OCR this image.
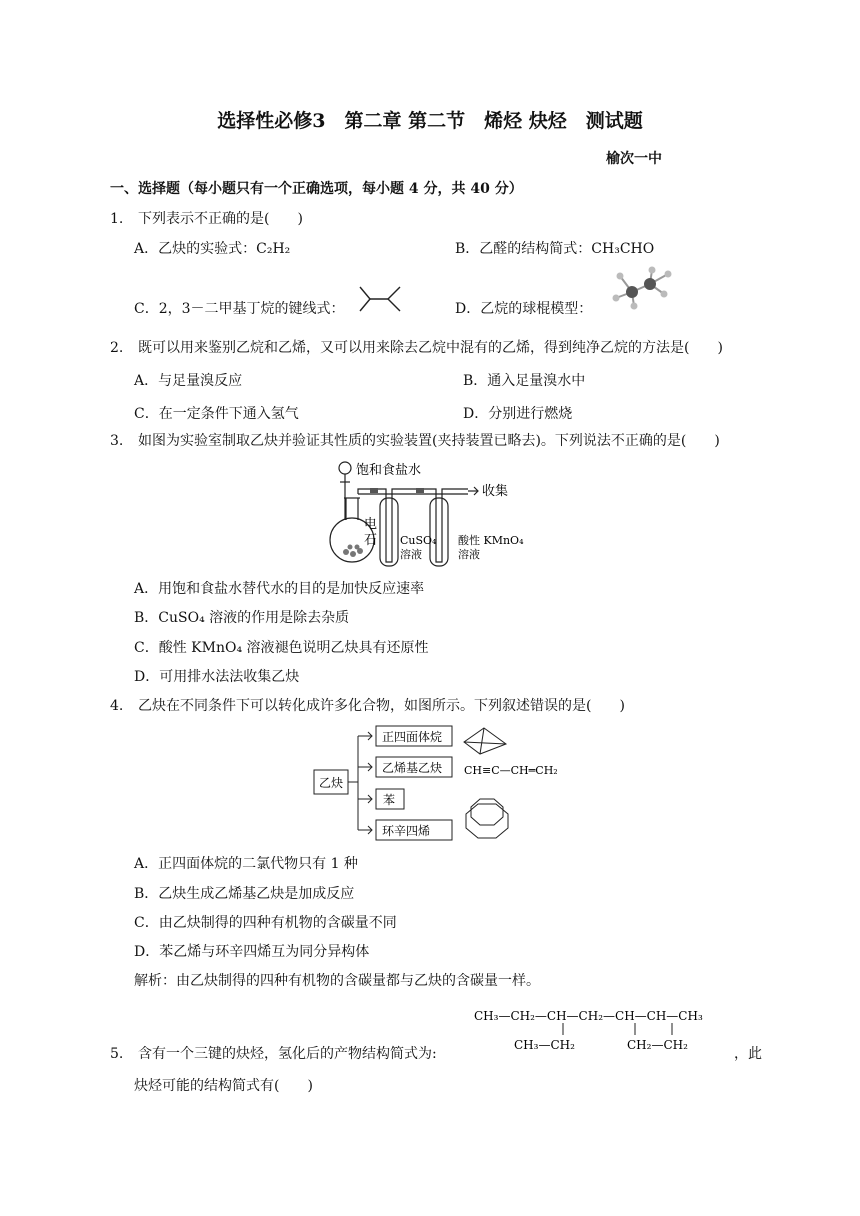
选择性必修3　第二章 第二节　烯烃 炔烃　测试题
榆次一中
一、选择题（每小题只有一个正确选项，每小题 4 分，共 40 分）
1. 下列表示不正确的是(　　)
A．乙炔的实验式：C₂H₂	B．乙醛的结构简式：CH₃CHO
C．2，3－二甲基丁烷的键线式：	D．乙烷的球棍模型：
2. 既可以用来鉴别乙烷和乙烯，又可以用来除去乙烷中混有的乙烯，得到纯净乙烷的方法是(　　)
A．与足量溴反应	B．通入足量溴水中
C．在一定条件下通入氢气	D．分别进行燃烧
3. 如图为实验室制取乙炔并验证其性质的实验装置(夹持装置已略去)。下列说法不正确的是(　　)
饱和食盐水
收集
电
石 CuSO₄
溶液
酸性 KMnO₄
溶液
A．用饱和食盐水替代水的目的是加快反应速率
B．CuSO₄ 溶液的作用是除去杂质
C．酸性 KMnO₄ 溶液褪色说明乙炔具有还原性
D．可用排水法法收集乙炔
4. 乙炔在不同条件下可以转化成许多化合物，如图所示。下列叙述错误的是(　　)
乙炔
正四面体烷
乙烯基乙炔
苯
环辛四烯
CH≡C—CH═CH₂
A．正四面体烷的二氯代物只有 1 种
B．乙炔生成乙烯基乙炔是加成反应
C．由乙炔制得的四种有机物的含碳量不同
D．苯乙烯与环辛四烯互为同分异构体
解析：由乙炔制得的四种有机物的含碳量都与乙炔的含碳量一样。
CH₃—CH₂—CH—CH₂—CH—CH—CH₃
CH₃—CH₂	CH₂—CH₂
5. 含有一个三键的炔烃，氢化后的产物结构简式为:	，此
炔烃可能的结构简式有(　　)
